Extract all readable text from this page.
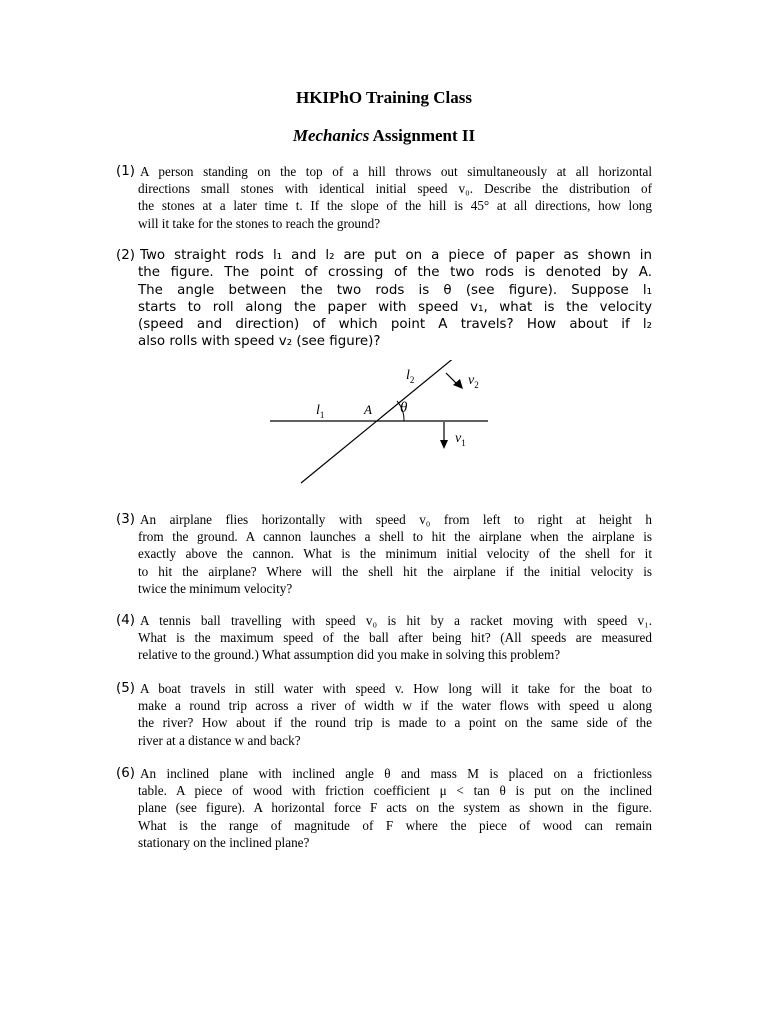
HKIPhO Training Class
Mechanics Assignment II
(1) A person standing on the top of a hill throws out simultaneously at all horizontal
directions small stones with identical initial speed v₀. Describe the distribution of
the stones at a later time t. If the slope of the hill is 45° at all directions, how long
will it take for the stones to reach the ground?
(2) Two straight rods l₁ and l₂ are put on a piece of paper as shown in
the figure. The point of crossing of the two rods is denoted by A.
The angle between the two rods is θ (see figure). Suppose l₁
starts to roll along the paper with speed v₁, what is the velocity
(speed and direction) of which point A travels? How about if l₂
also rolls with speed v₂ (see figure)?
$l_1$
$l_2$
A θ
$v_1$
$v_2$
(3) An airplane flies horizontally with speed v₀ from left to right at height h
from the ground. A cannon launches a shell to hit the airplane when the airplane is
exactly above the cannon. What is the minimum initial velocity of the shell for it
to hit the airplane? Where will the shell hit the airplane if the initial velocity is
twice the minimum velocity?
(4) A tennis ball travelling with speed v₀ is hit by a racket moving with speed v₁.
What is the maximum speed of the ball after being hit? (All speeds are measured
relative to the ground.) What assumption did you make in solving this problem?
(5) A boat travels in still water with speed v. How long will it take for the boat to
make a round trip across a river of width w if the water flows with speed u along
the river? How about if the round trip is made to a point on the same side of the
river at a distance w and back?
(6) An inclined plane with inclined angle θ and mass M is placed on a frictionless
table. A piece of wood with friction coefficient μ < tan θ is put on the inclined
plane (see figure). A horizontal force F acts on the system as shown in the figure.
What is the range of magnitude of F where the piece of wood can remain
stationary on the inclined plane?
